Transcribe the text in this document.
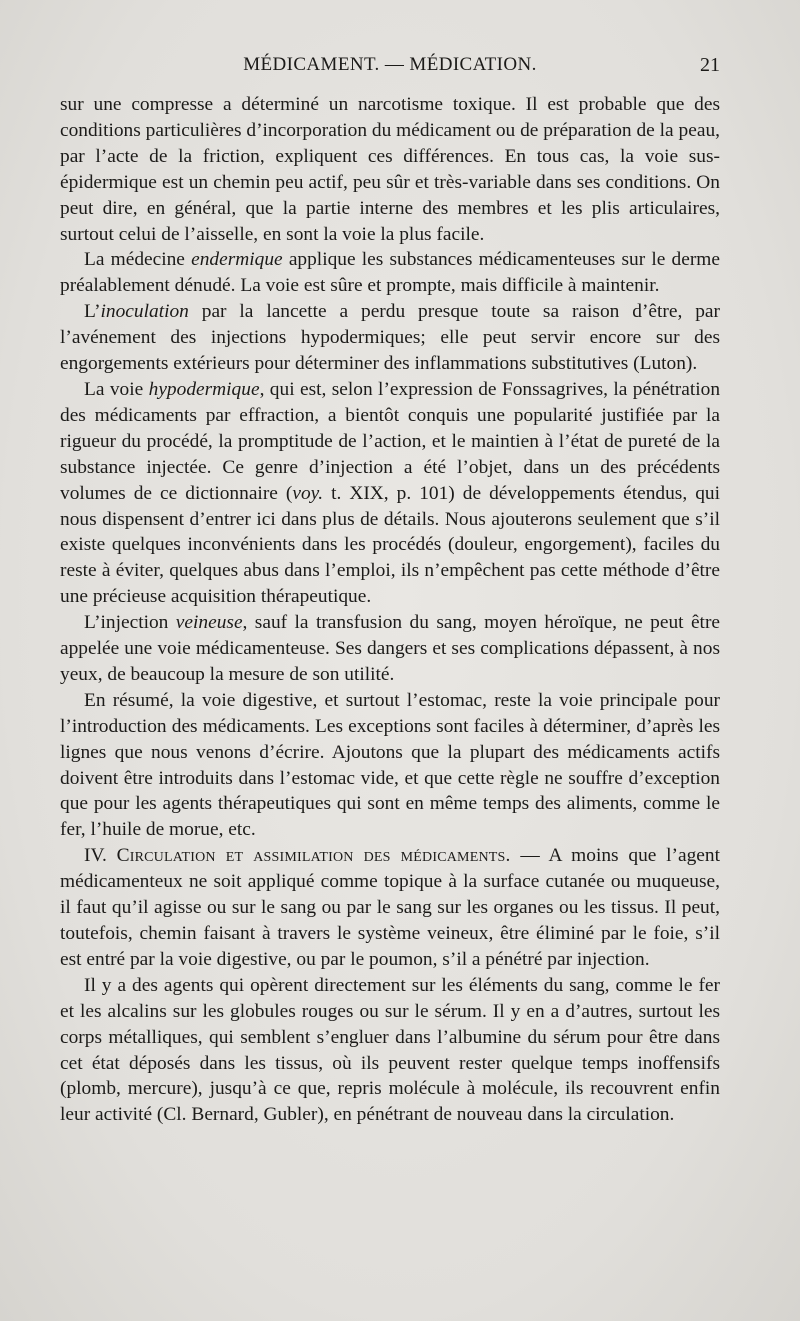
MÉDICAMENT. — MÉDICATION.	21

sur une compresse a déterminé un narcotisme toxique. Il est probable que des conditions particulières d’incorporation du médicament ou de préparation de la peau, par l’acte de la friction, expliquent ces différences. En tous cas, la voie sus-épidermique est un chemin peu actif, peu sûr et très-variable dans ses conditions. On peut dire, en général, que la partie interne des membres et les plis articulaires, surtout celui de l’aisselle, en sont la voie la plus facile.

La médecine endermique applique les substances médicamenteuses sur le derme préalablement dénudé. La voie est sûre et prompte, mais difficile à maintenir.

L’inoculation par la lancette a perdu presque toute sa raison d’être, par l’avénement des injections hypodermiques; elle peut servir encore sur des engorgements extérieurs pour déterminer des inflammations substitutives (Luton).

La voie hypodermique, qui est, selon l’expression de Fonssagrives, la pénétration des médicaments par effraction, a bientôt conquis une popularité justifiée par la rigueur du procédé, la promptitude de l’action, et le maintien à l’état de pureté de la substance injectée. Ce genre d’injection a été l’objet, dans un des précédents volumes de ce dictionnaire (voy. t. XIX, p. 101) de développements étendus, qui nous dispensent d’entrer ici dans plus de détails. Nous ajouterons seulement que s’il existe quelques inconvénients dans les procédés (douleur, engorgement), faciles du reste à éviter, quelques abus dans l’emploi, ils n’empêchent pas cette méthode d’être une précieuse acquisition thérapeutique.

L’injection veineuse, sauf la transfusion du sang, moyen héroïque, ne peut être appelée une voie médicamenteuse. Ses dangers et ses complications dépassent, à nos yeux, de beaucoup la mesure de son utilité.

En résumé, la voie digestive, et surtout l’estomac, reste la voie principale pour l’introduction des médicaments. Les exceptions sont faciles à déterminer, d’après les lignes que nous venons d’écrire. Ajoutons que la plupart des médicaments actifs doivent être introduits dans l’estomac vide, et que cette règle ne souffre d’exception que pour les agents thérapeutiques qui sont en même temps des aliments, comme le fer, l’huile de morue, etc.

IV. Circulation et assimilation des médicaments. — A moins que l’agent médicamenteux ne soit appliqué comme topique à la surface cutanée ou muqueuse, il faut qu’il agisse ou sur le sang ou par le sang sur les organes ou les tissus. Il peut, toutefois, chemin faisant à travers le système veineux, être éliminé par le foie, s’il est entré par la voie digestive, ou par le poumon, s’il a pénétré par injection.

Il y a des agents qui opèrent directement sur les éléments du sang, comme le fer et les alcalins sur les globules rouges ou sur le sérum. Il y en a d’autres, surtout les corps métalliques, qui semblent s’engluer dans l’albumine du sérum pour être dans cet état déposés dans les tissus, où ils peuvent rester quelque temps inoffensifs (plomb, mercure), jusqu’à ce que, repris molécule à molécule, ils recouvrent enfin leur activité (Cl. Bernard, Gubler), en pénétrant de nouveau dans la circulation.
